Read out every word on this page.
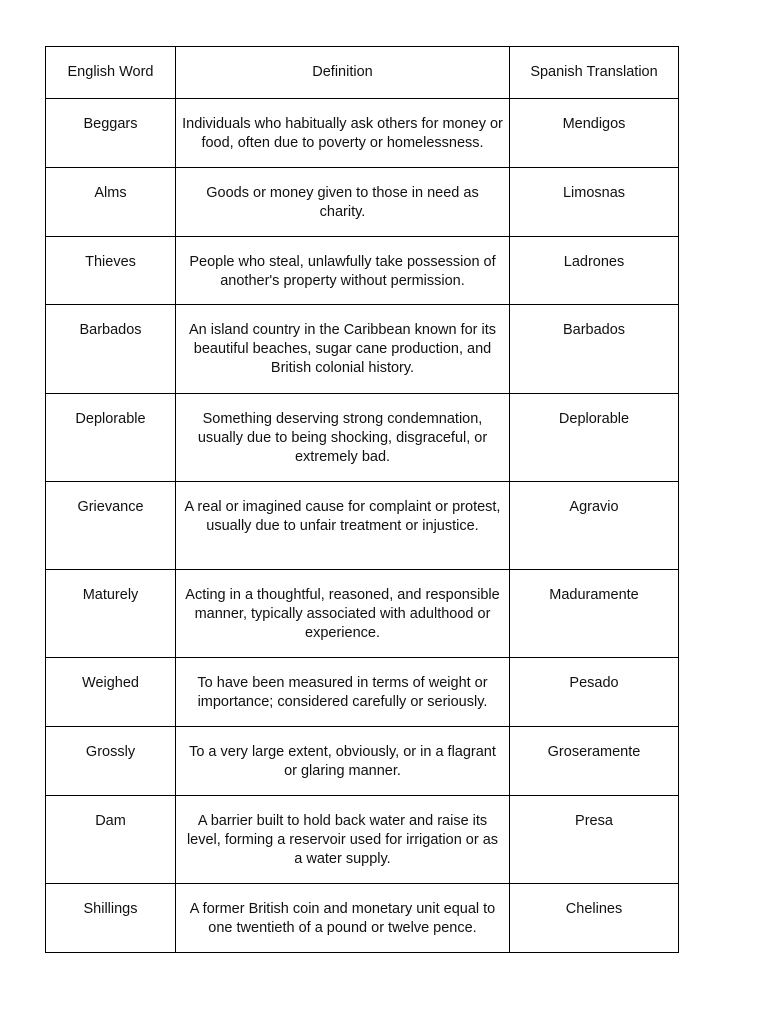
English Word	Definition	Spanish Translation
Beggars	Individuals who habitually ask others for money or food, often due to poverty or homelessness.	Mendigos
Alms	Goods or money given to those in need as charity.	Limosnas
Thieves	People who steal, unlawfully take possession of another's property without permission.	Ladrones
Barbados	An island country in the Caribbean known for its beautiful beaches, sugar cane production, and British colonial history.	Barbados
Deplorable	Something deserving strong condemnation, usually due to being shocking, disgraceful, or extremely bad.	Deplorable
Grievance	A real or imagined cause for complaint or protest, usually due to unfair treatment or injustice.	Agravio
Maturely	Acting in a thoughtful, reasoned, and responsible manner, typically associated with adulthood or experience.	Maduramente
Weighed	To have been measured in terms of weight or importance; considered carefully or seriously.	Pesado
Grossly	To a very large extent, obviously, or in a flagrant or glaring manner.	Groseramente
Dam	A barrier built to hold back water and raise its level, forming a reservoir used for irrigation or as a water supply.	Presa
Shillings	A former British coin and monetary unit equal to one twentieth of a pound or twelve pence.	Chelines
